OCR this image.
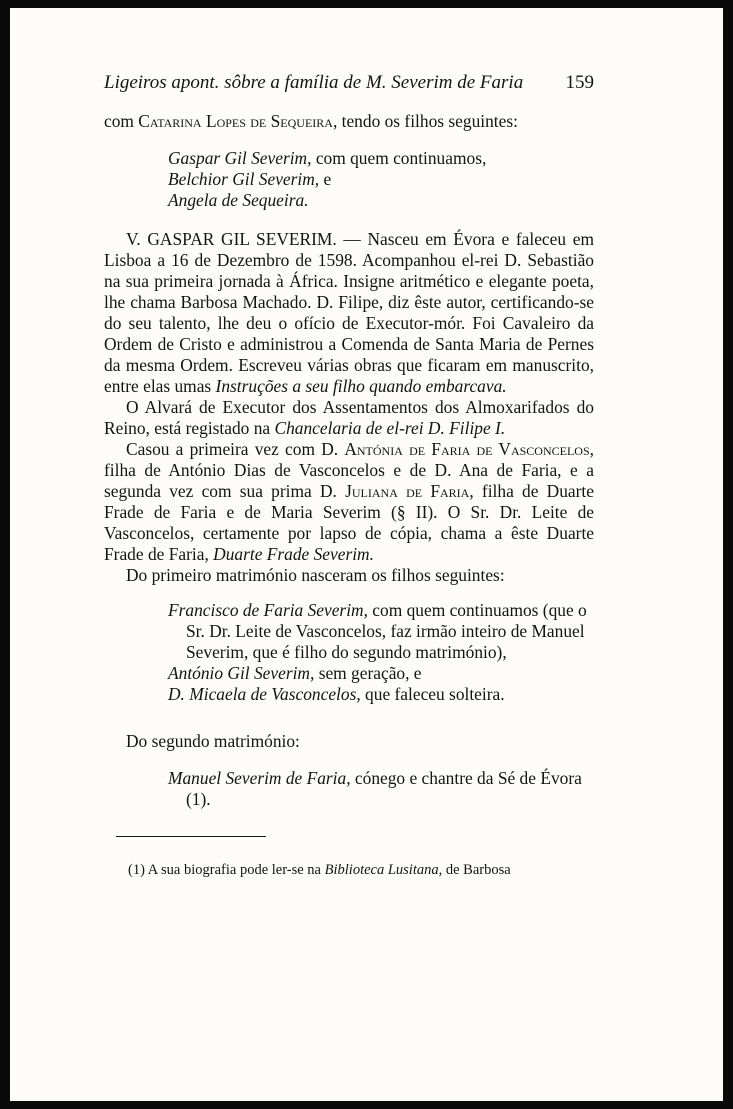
Ligeiros apont. sôbre a família de M. Severim de Faria 159

com Catarina Lopes de Sequeira, tendo os filhos seguintes:

Gaspar Gil Severim, com quem continuamos,
Belchior Gil Severim, e
Angela de Sequeira.

V. GASPAR GIL SEVERIM. — Nasceu em Évora e faleceu em Lisboa a 16 de Dezembro de 1598. Acompanhou el-rei D. Sebastião na sua primeira jornada à África. Insigne aritmético e elegante poeta, lhe chama Barbosa Machado. D. Filipe, diz êste autor, certificando-se do seu talento, lhe deu o ofício de Executor-mór. Foi Cavaleiro da Ordem de Cristo e administrou a Comenda de Santa Maria de Pernes da mesma Ordem. Escreveu várias obras que ficaram em manuscrito, entre elas umas Instruções a seu filho quando embarcava.

O Alvará de Executor dos Assentamentos dos Almoxarifados do Reino, está registado na Chancelaria de el-rei D. Filipe I.

Casou a primeira vez com D. Antónia de Faria de Vasconcelos, filha de António Dias de Vasconcelos e de D. Ana de Faria, e a segunda vez com sua prima D. Juliana de Faria, filha de Duarte Frade de Faria e de Maria Severim (§ II). O Sr. Dr. Leite de Vasconcelos, certamente por lapso de cópia, chama a êste Duarte Frade de Faria, Duarte Frade Severim.

Do primeiro matrimónio nasceram os filhos seguintes:

Francisco de Faria Severim, com quem continuamos (que o Sr. Dr. Leite de Vasconcelos, faz irmão inteiro de Manuel Severim, que é filho do segundo matrimónio),
António Gil Severim, sem geração, e
D. Micaela de Vasconcelos, que faleceu solteira.

Do segundo matrimónio:

Manuel Severim de Faria, cónego e chantre da Sé de Évora (1).

(1) A sua biografia pode ler-se na Biblioteca Lusitana, de Barbosa
